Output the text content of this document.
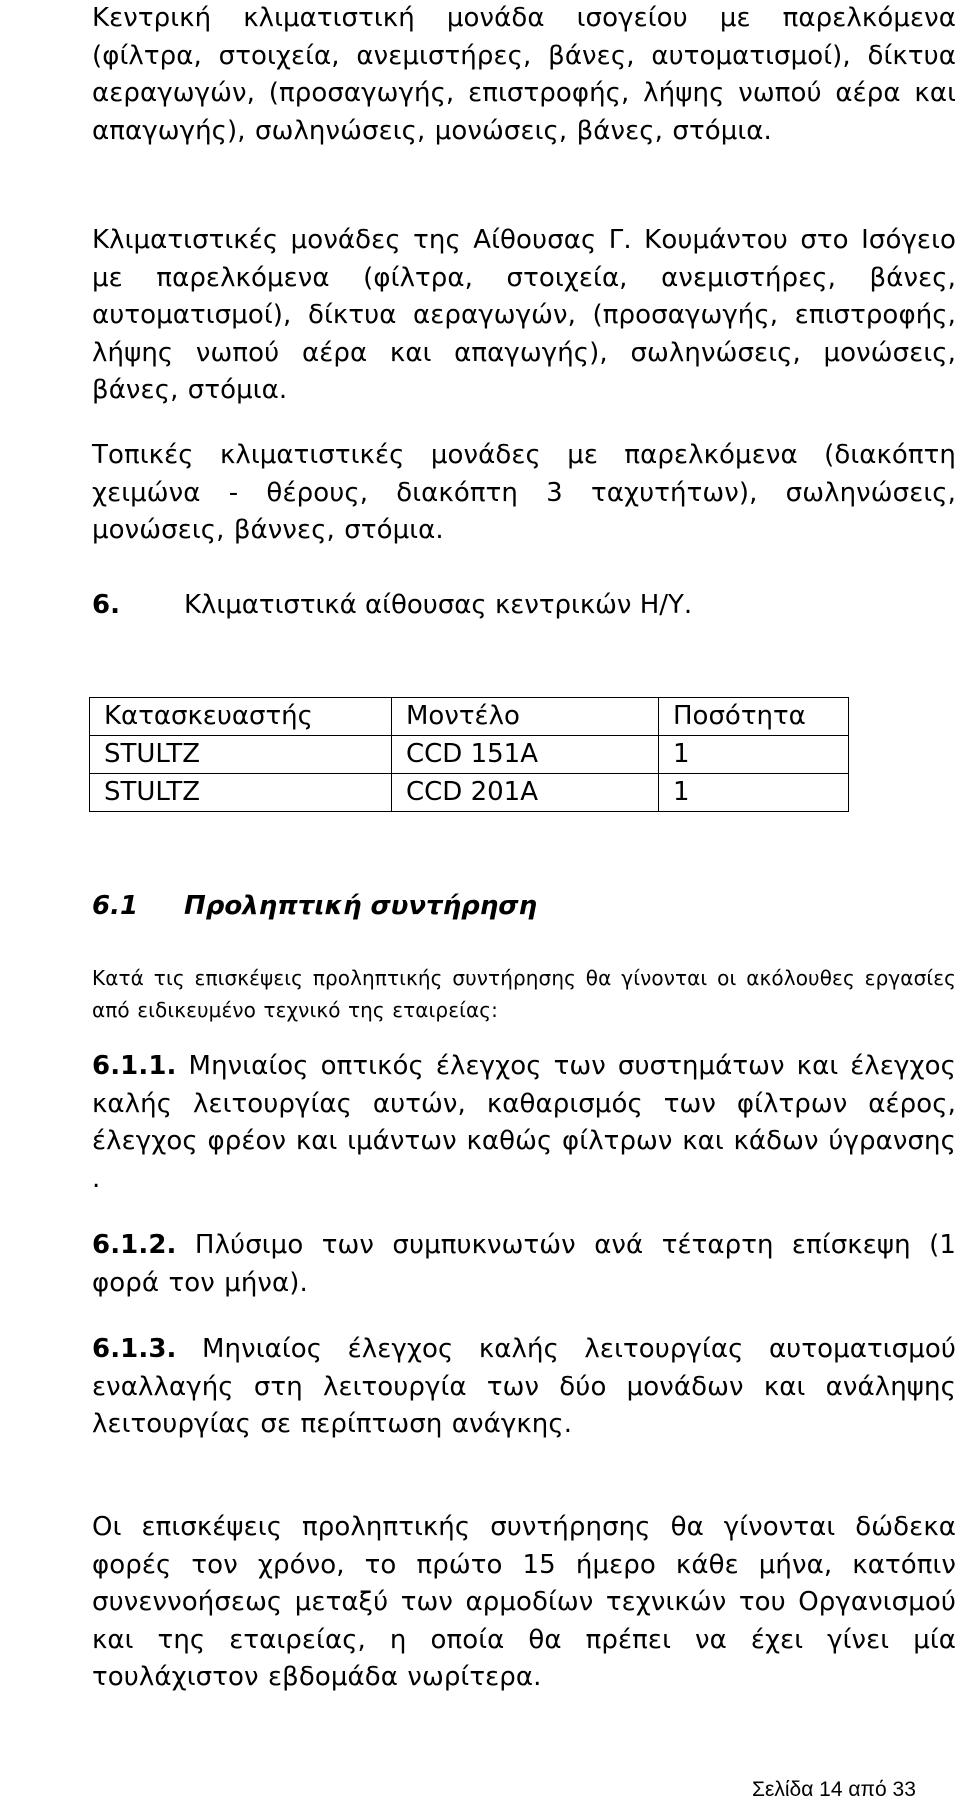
Κεντρική κλιματιστική μονάδα ισογείου με παρελκόμενα (φίλτρα, στοιχεία, ανεμιστήρες, βάνες, αυτοματισμοί), δίκτυα αεραγωγών, (προσαγωγής, επιστροφής, λήψης νωπού αέρα και απαγωγής), σωληνώσεις, μονώσεις, βάνες, στόμια.

Κλιματιστικές μονάδες της Αίθουσας Γ. Κουμάντου στο Ισόγειο με παρελκόμενα (φίλτρα, στοιχεία, ανεμιστήρες, βάνες, αυτοματισμοί), δίκτυα αεραγωγών, (προσαγωγής, επιστροφής, λήψης νωπού αέρα και απαγωγής), σωληνώσεις, μονώσεις, βάνες, στόμια.

Τοπικές κλιματιστικές μονάδες με παρελκόμενα (διακόπτη χειμώνα - θέρους, διακόπτη 3 ταχυτήτων), σωληνώσεις, μονώσεις, βάννες, στόμια.

6. Κλιματιστικά αίθουσας κεντρικών Η/Υ.
Κατασκευαστής	Μοντέλο	Ποσότητα
STULTZ	CCD 151A	1
STULTZ	CCD 201A	1
6.1 Προληπτική συντήρηση

Κατά τις επισκέψεις προληπτικής συντήρησης θα γίνονται οι ακόλουθες εργασίες από ειδικευμένο τεχνικό της εταιρείας:

6.1.1. Μηνιαίος οπτικός έλεγχος των συστημάτων και έλεγχος καλής λειτουργίας αυτών, καθαρισμός των φίλτρων αέρος, έλεγχος φρέον και ιμάντων καθώς φίλτρων και κάδων ύγρανσης .

6.1.2. Πλύσιμο των συμπυκνωτών ανά τέταρτη επίσκεψη (1 φορά τον μήνα).

6.1.3. Μηνιαίος έλεγχος καλής λειτουργίας αυτοματισμού εναλλαγής στη λειτουργία των δύο μονάδων και ανάληψης λειτουργίας σε περίπτωση ανάγκης.

Οι επισκέψεις προληπτικής συντήρησης θα γίνονται δώδεκα φορές τον χρόνο, το πρώτο 15 ήμερο κάθε μήνα, κατόπιν συνεννοήσεως μεταξύ των αρμοδίων τεχνικών του Οργανισμού και της εταιρείας, η οποία θα πρέπει να έχει γίνει μία τουλάχιστον εβδομάδα νωρίτερα.

Σελίδα 14 από 33
